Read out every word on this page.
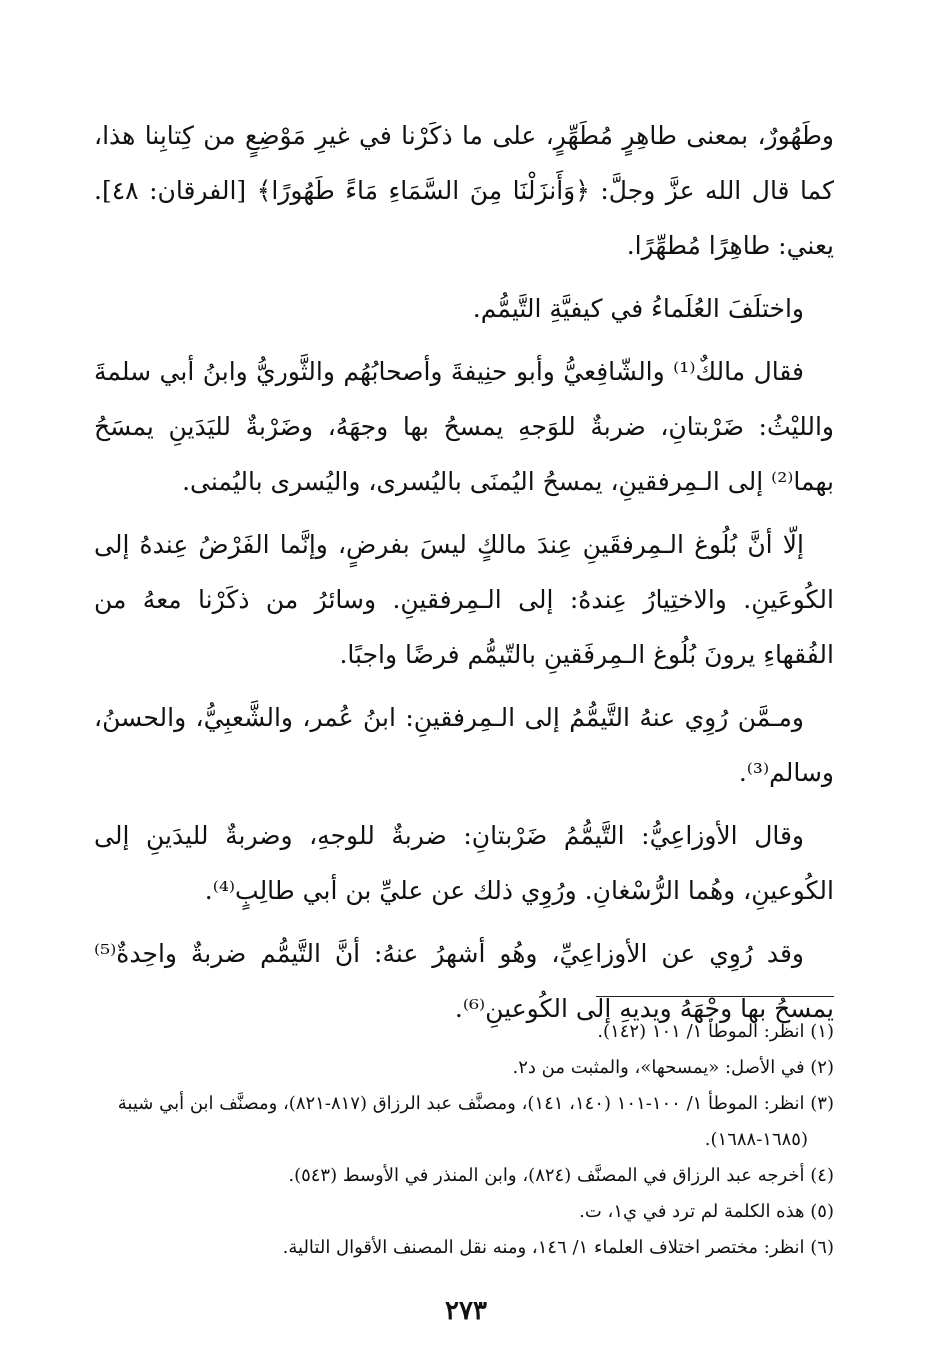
وطَهُورٌ، بمعنى طاهِرٍ مُطَهِّرٍ، على ما ذكَرْنا في غيرِ مَوْضِعٍ من كِتابِنا هذا، كما قال الله عزَّ وجلَّ: ﴿وَأَنزَلْنَا مِنَ السَّمَاءِ مَاءً طَهُورًا﴾ [الفرقان: ٤٨]. يعني: طاهِرًا مُطهِّرًا.

واختلَفَ العُلَماءُ في كيفيَّةِ التَّيمُّم.

فقال مالكٌ⁽¹⁾ والشّافِعيُّ وأبو حنِيفةَ وأصحابُهُم والثَّوريُّ وابنُ أبي سلمةَ والليْثُ: ضَرْبتانِ، ضربةٌ للوَجهِ يمسحُ بها وجهَهُ، وضَرْبةٌ لليَدَينِ يمسَحُ بهما⁽²⁾ إلى الـمِرفقينِ، يمسحُ اليُمنَى باليُسرى، واليُسرى باليُمنى.

إلّا أنَّ بُلُوغ الـمِرفقَينِ عِندَ مالكٍ ليسَ بفرضٍ، وإنَّما الفَرْضُ عِندهُ إلى الكُوعَينِ. والاختِيارُ عِندهُ: إلى الـمِرفقينِ. وسائرُ من ذكَرْنا معهُ من الفُقهاءِ يرونَ بُلُوغ الـمِرفَقينِ بالتّيمُّم فرضًا واجبًا.

ومـمَّن رُوِي عنهُ التَّيمُّمُ إلى الـمِرفقينِ: ابنُ عُمر، والشَّعبِيُّ، والحسنُ، وسالم⁽³⁾.

وقال الأوزاعِيُّ: التَّيمُّمُ ضَرْبتانِ: ضربةٌ للوجهِ، وضربةٌ لليدَينِ إلى الكُوعينِ، وهُما الرُّسْغانِ. ورُوِي ذلك عن عليِّ بن أبي طالِبٍ⁽⁴⁾.

وقد رُوِي عن الأوزاعِيِّ، وهُو أشهرُ عنهُ: أنَّ التَّيمُّم ضربةٌ واحِدةٌ⁽⁵⁾ يمسحُ بها وجْهَهُ ويديهِ إلى الكُوعينِ⁽⁶⁾.

(١) انظر: الموطأ ١/ ١٠١ (١٤٢).

(٢) في الأصل: «يمسحها»، والمثبت من د٢.

(٣) انظر: الموطأ ١/ ١٠٠-١٠١ (١٤٠، ١٤١)، ومصنَّف عبد الرزاق (٨١٧-٨٢١)، ومصنَّف ابن أبي شيبة (١٦٨٥-١٦٨٨).

(٤) أخرجه عبد الرزاق في المصنَّف (٨٢٤)، وابن المنذر في الأوسط (٥٤٣).

(٥) هذه الكلمة لم ترد في ي١، ت.

(٦) انظر: مختصر اختلاف العلماء ١/ ١٤٦، ومنه نقل المصنف الأقوال التالية.

٢٧٣
